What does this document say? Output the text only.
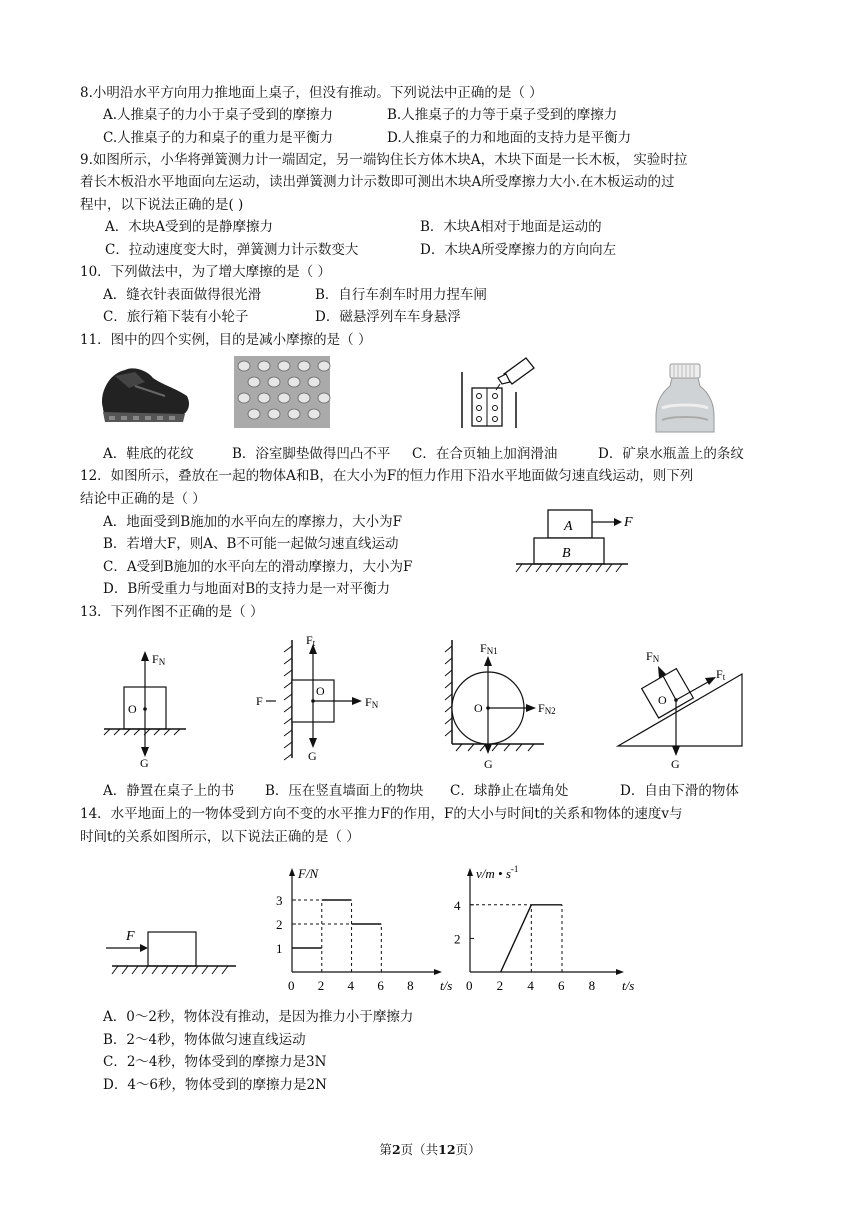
8.小明沿水平方向用力推地面上桌子，但没有推动。下列说法中正确的是（ ）
A.人推桌子的力小于桌子受到的摩擦力	B.人推桌子的力等于桌子受到的摩擦力
C.人推桌子的力和桌子的重力是平衡力	D.人推桌子的力和地面的支持力是平衡力
9.如图所示，小华将弹簧测力计一端固定，另一端钩住长方体木块A，木块下面是一长木板， 实验时拉
着长木板沿水平地面向左运动，读出弹簧测力计示数即可测出木块A所受摩擦力大小.在木板运动的过
程中，以下说法正确的是( )
A．木块A受到的是静摩擦力	B．木块A相对于地面是运动的
C．拉动速度变大时，弹簧测力计示数变大	D．木块A所受摩擦力的方向向左
10．下列做法中，为了增大摩擦的是（ ）
A．缝衣针表面做得很光滑	B．自行车刹车时用力捏车闸
C．旅行箱下装有小轮子	D．磁悬浮列车车身悬浮
11．图中的四个实例，目的是减小摩擦的是（ ）
A．鞋底的花纹	B．浴室脚垫做得凹凸不平 C．在合页轴上加润滑油	D．矿泉水瓶盖上的条纹
12．如图所示，叠放在一起的物体A和B，在大小为F的恒力作用下沿水平地面做匀速直线运动，则下列
结论中正确的是（ ）
A．地面受到B施加的水平向左的摩擦力，大小为F
B．若增大F，则A、B不可能一起做匀速直线运动
C．A受到B施加的水平向左的滑动摩擦力，大小为F
D．B所受重力与地面对B的支持力是一对平衡力
A
B
F
13．下列作图不正确的是（ ）
FN
G
O
O
Ft
G
FN
F	O
FN1
FN2
G
O
FN
Ft
G
A．静置在桌子上的书 B．压在竖直墙面上的物块 C．球静止在墙角处	D．自由下滑的物体
14．水平地面上的一物体受到方向不变的水平推力F的作用，F的大小与时间t的关系和物体的速度v与
时间t的关系如图所示，以下说法正确的是（ ）
F
0 2 4 6 8 t/s
1
2
3
F/N
0 2 4 6 8 t/s
2
4
v/m • $s^{-1}$
A．0～2秒，物体没有推动，是因为推力小于摩擦力
B．2～4秒，物体做匀速直线运动
C．2～4秒，物体受到的摩擦力是3N
D．4～6秒，物体受到的摩擦力是2N
第2页（共12页）
